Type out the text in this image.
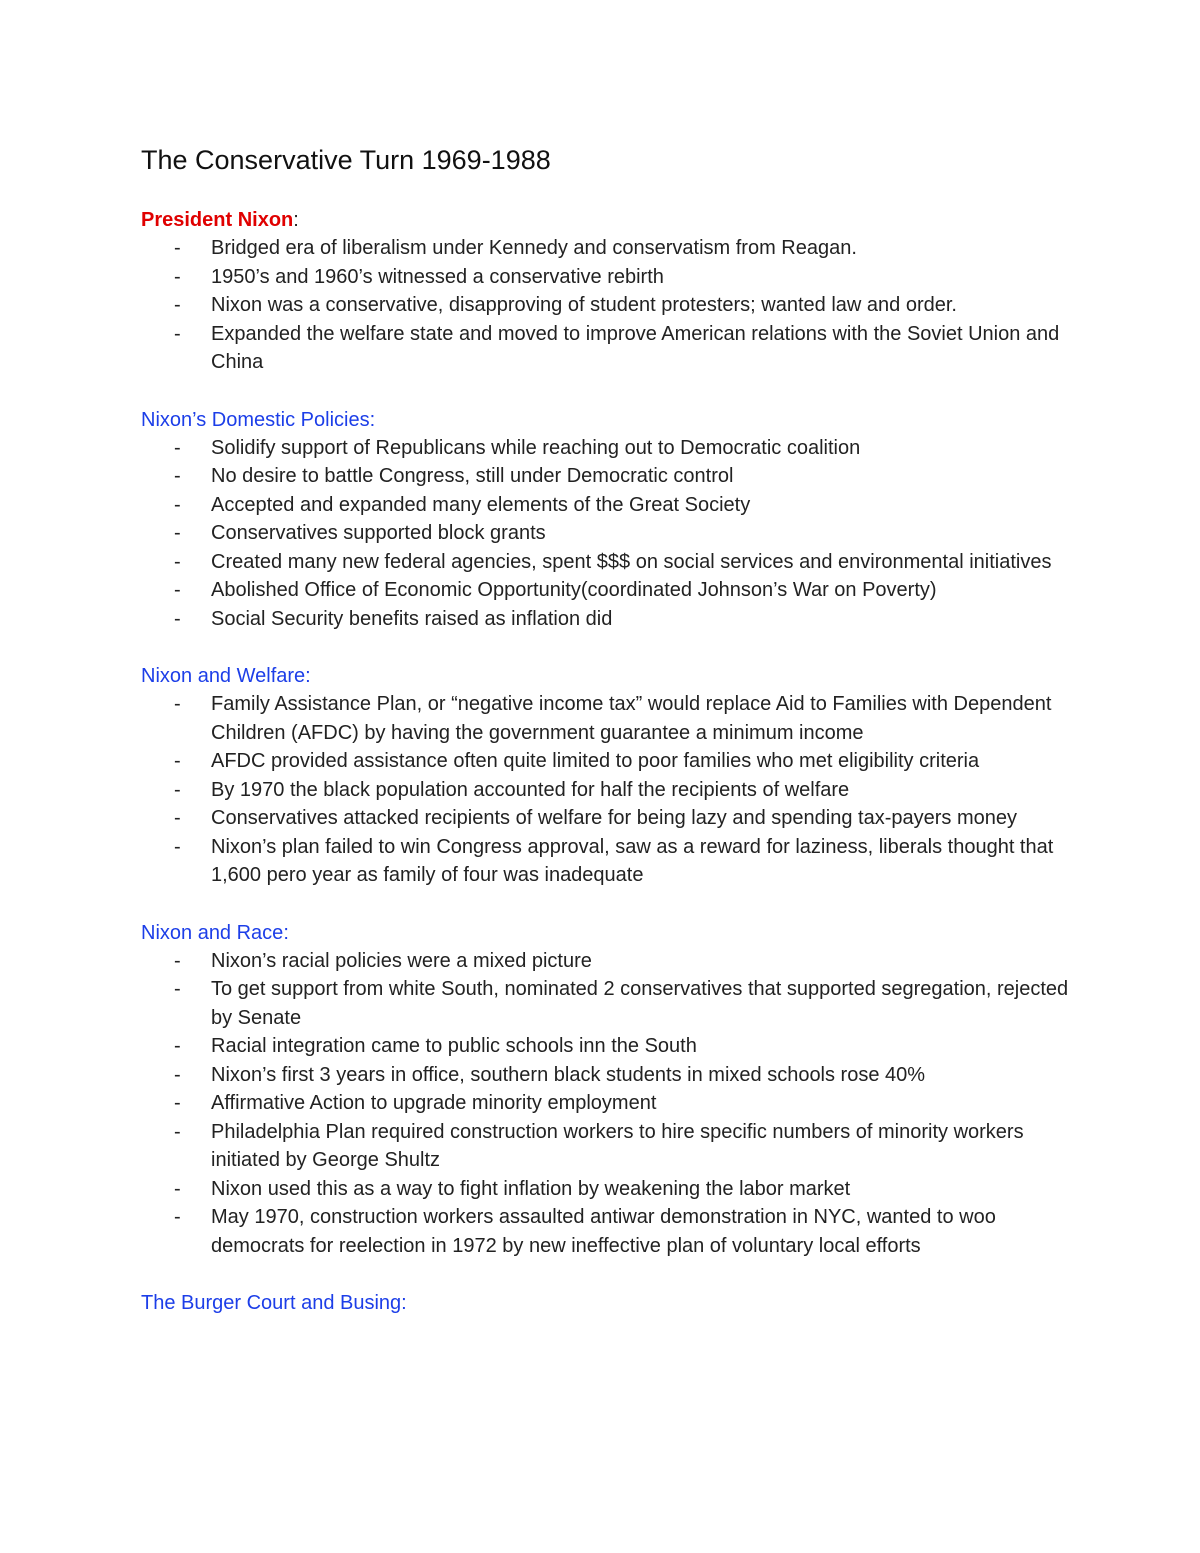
The Conservative Turn 1969-1988
President Nixon:
- Bridged era of liberalism under Kennedy and conservatism from Reagan.
- 1950’s and 1960’s witnessed a conservative rebirth
- Nixon was a conservative, disapproving of student protesters; wanted law and order.
- Expanded the welfare state and moved to improve American relations with the Soviet Union and China
Nixon’s Domestic Policies:
- Solidify support of Republicans while reaching out to Democratic coalition
- No desire to battle Congress, still under Democratic control
- Accepted and expanded many elements of the Great Society
- Conservatives supported block grants
- Created many new federal agencies, spent $$$ on social services and environmental initiatives
- Abolished Office of Economic Opportunity(coordinated Johnson’s War on Poverty)
- Social Security benefits raised as inflation did
Nixon and Welfare:
- Family Assistance Plan, or “negative income tax” would replace Aid to Families with Dependent Children (AFDC) by having the government guarantee a minimum income
- AFDC provided assistance often quite limited to poor families who met eligibility criteria
- By 1970 the black population accounted for half the recipients of welfare
- Conservatives attacked recipients of welfare for being lazy and spending tax-payers money
- Nixon’s plan failed to win Congress approval, saw as a reward for laziness, liberals thought that 1,600 pero year as family of four was inadequate
Nixon and Race:
- Nixon’s racial policies were a mixed picture
- To get support from white South, nominated 2 conservatives that supported segregation, rejected by Senate
- Racial integration came to public schools inn the South
- Nixon’s first 3 years in office, southern black students in mixed schools rose 40%
- Affirmative Action to upgrade minority employment
- Philadelphia Plan required construction workers to hire specific numbers of minority workers initiated by George Shultz
- Nixon used this as a way to fight inflation by weakening the labor market
- May 1970, construction workers assaulted antiwar demonstration in NYC, wanted to woo democrats for reelection in 1972 by new ineffective plan of voluntary local efforts
The Burger Court and Busing:
